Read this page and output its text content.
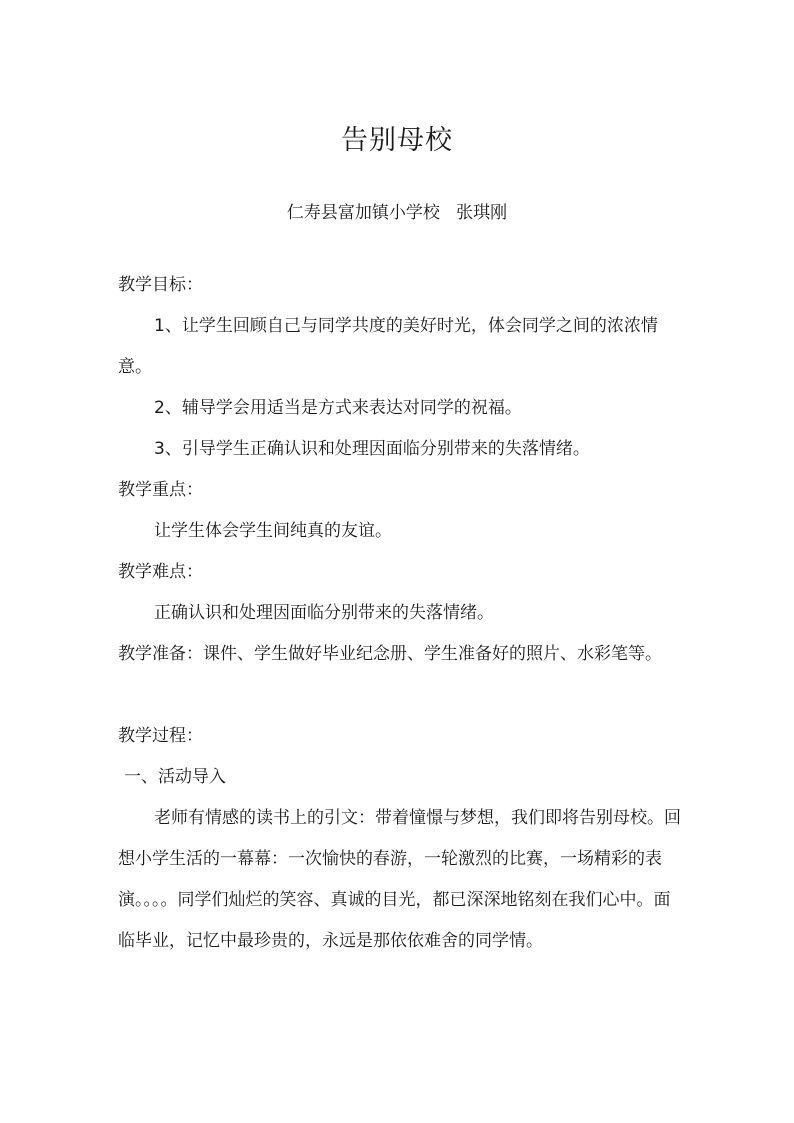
告别母校
仁寿县富加镇小学校   张琪刚

教学目标：

1、让学生回顾自己与同学共度的美好时光，体会同学之间的浓浓情意。

2、辅导学会用适当是方式来表达对同学的祝福。

3、引导学生正确认识和处理因面临分别带来的失落情绪。

教学重点：

让学生体会学生间纯真的友谊。

教学难点：

正确认识和处理因面临分别带来的失落情绪。

教学准备：课件、学生做好毕业纪念册、学生准备好的照片、水彩笔等。

教学过程：

一、活动导入

老师有情感的读书上的引文：带着憧憬与梦想，我们即将告别母校。回想小学生活的一幕幕：一次愉快的春游，一轮激烈的比赛，一场精彩的表演。。。。同学们灿烂的笑容、真诚的目光，都已深深地铭刻在我们心中。面临毕业，记忆中最珍贵的，永远是那依依难舍的同学情。
